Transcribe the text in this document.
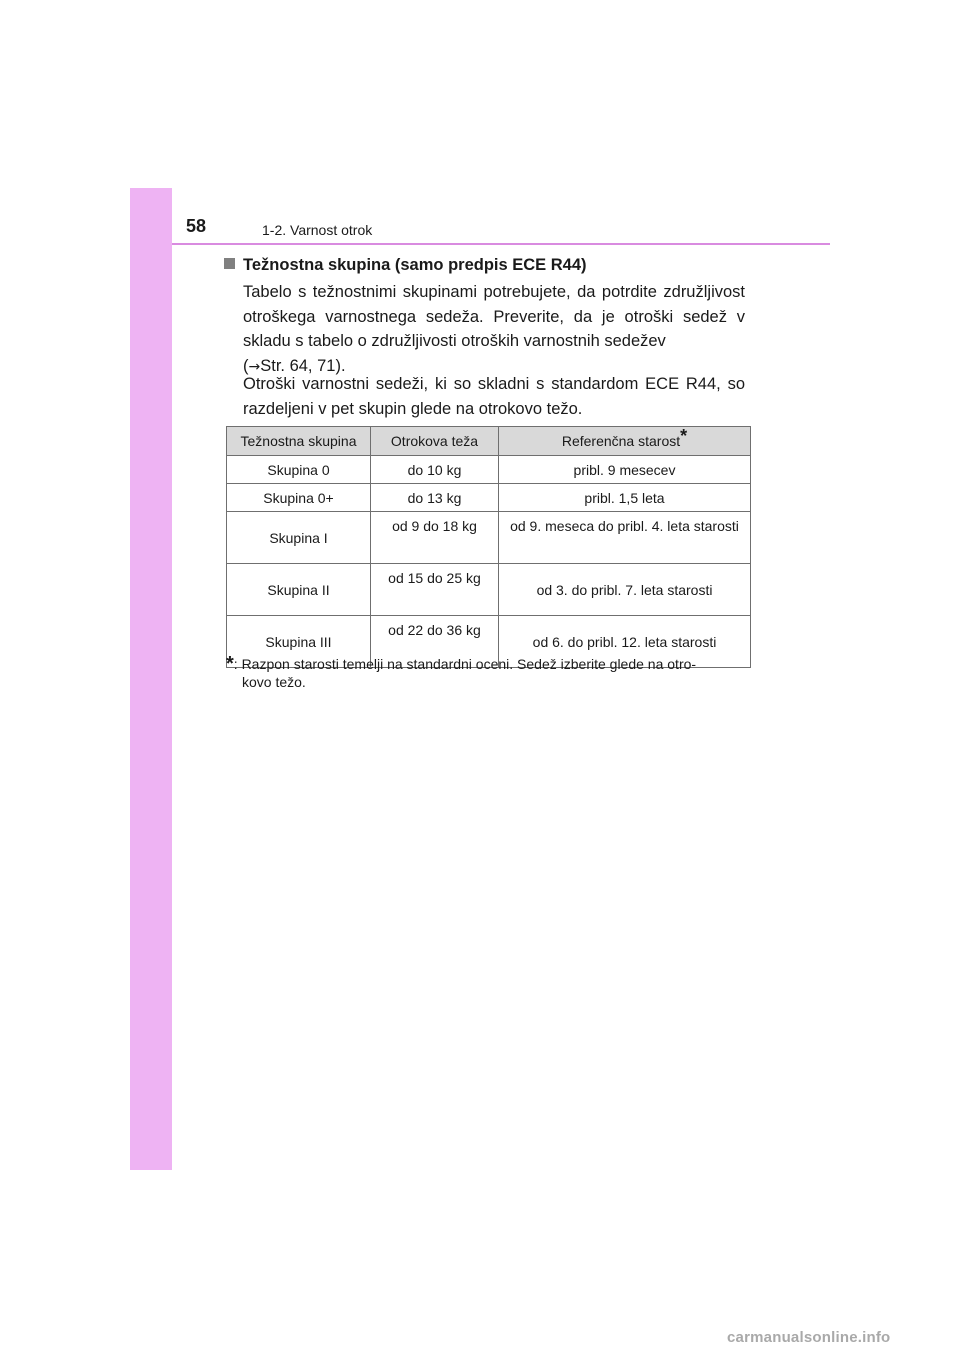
58	1-2. Varnost otrok
Težnostna skupina (samo predpis ECE R44)

Tabelo s težnostnimi skupinami potrebujete, da potrdite združljivost otroškega varnostnega sedeža. Preverite, da je otroški sedež v skladu s tabelo o združljivosti otroških varnostnih sedežev
(→Str. 64, 71).

Otroški varnostni sedeži, ki so skladni s standardom ECE R44, so razdeljeni v pet skupin glede na otrokovo težo.

Težnostna skupina	Otrokova teža	Referenčna starost*
Skupina 0	do 10 kg	pribl. 9 mesecev
Skupina 0+	do 13 kg	pribl. 1,5 leta
Skupina I	od 9 do 18 kg	od 9. meseca do pribl. 4. leta starosti
Skupina II	od 15 do 25 kg	od 3. do pribl. 7. leta starosti
Skupina III	od 22 do 36 kg	od 6. do pribl. 12. leta starosti
*: Razpon starosti temelji na standardni oceni. Sedež izberite glede na otro-
kovo težo.
carmanualsonline.info
